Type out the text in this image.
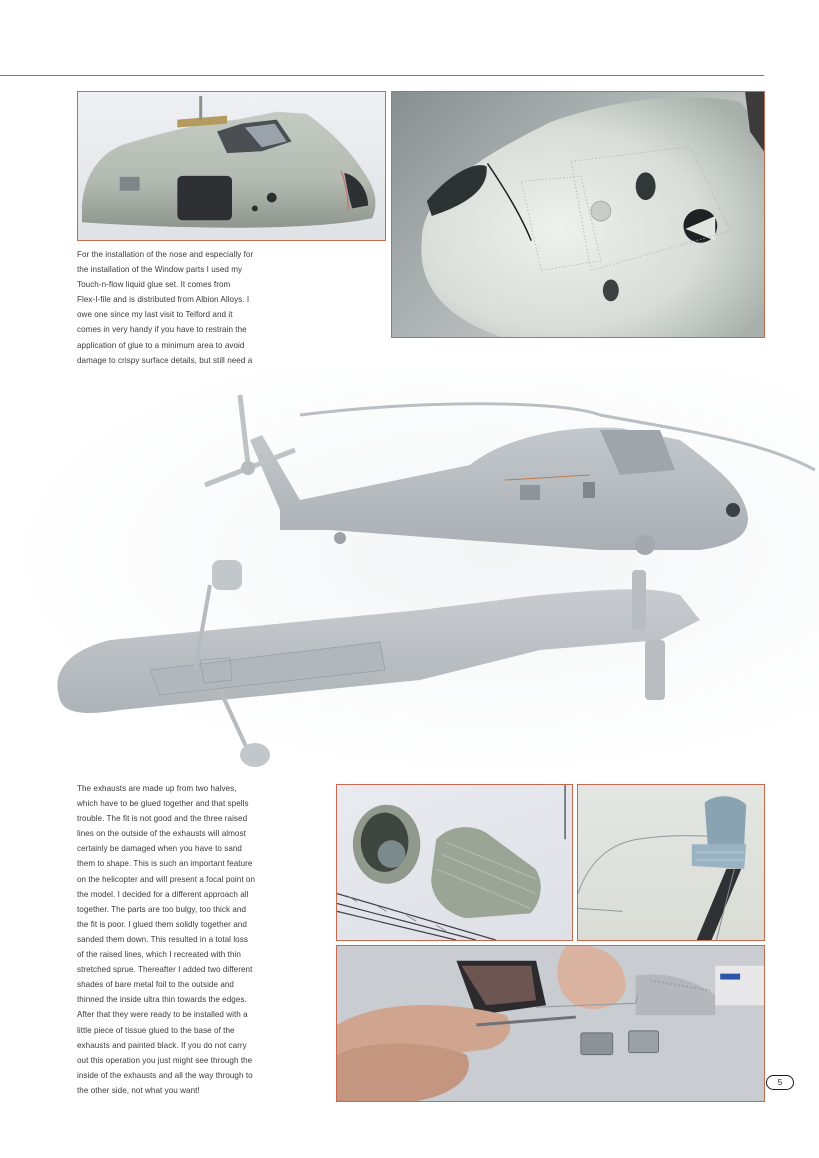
For the installation of the nose and especially for
the installation of the Window parts I used my
Touch-n-flow liquid glue set. It comes from
Flex-I-file and is distributed from Albion Alloys. I
owe one since my last visit to Telford and it
comes in very handy if you have to restrain the
application of glue to a minimum area to avoid
damage to crispy surface details, but still need a

The exhausts are made up from two halves,
which have to be glued together and that spells
trouble. The fit is not good and the three raised
lines on the outside of the exhausts will almost
certainly be damaged when you have to sand
them to shape. This is such an important feature
on the helicopter and will present a focal point on
the model. I decided for a different approach all
together. The parts are too bulgy, too thick and
the fit is poor. I glued them solidly together and
sanded them down. This resulted in a total loss
of the raised lines, which I recreated with thin
stretched sprue. Thereafter I added two different
shades of bare metal foil to the outside and
thinned the inside ultra thin towards the edges.
After that they were ready to be installed with a
little piece of tissue glued to the base of the
exhausts and painted black. If you do not carry
out this operation you just might see through the
inside of the exhausts and all the way through to
the other side, not what you want!

5
